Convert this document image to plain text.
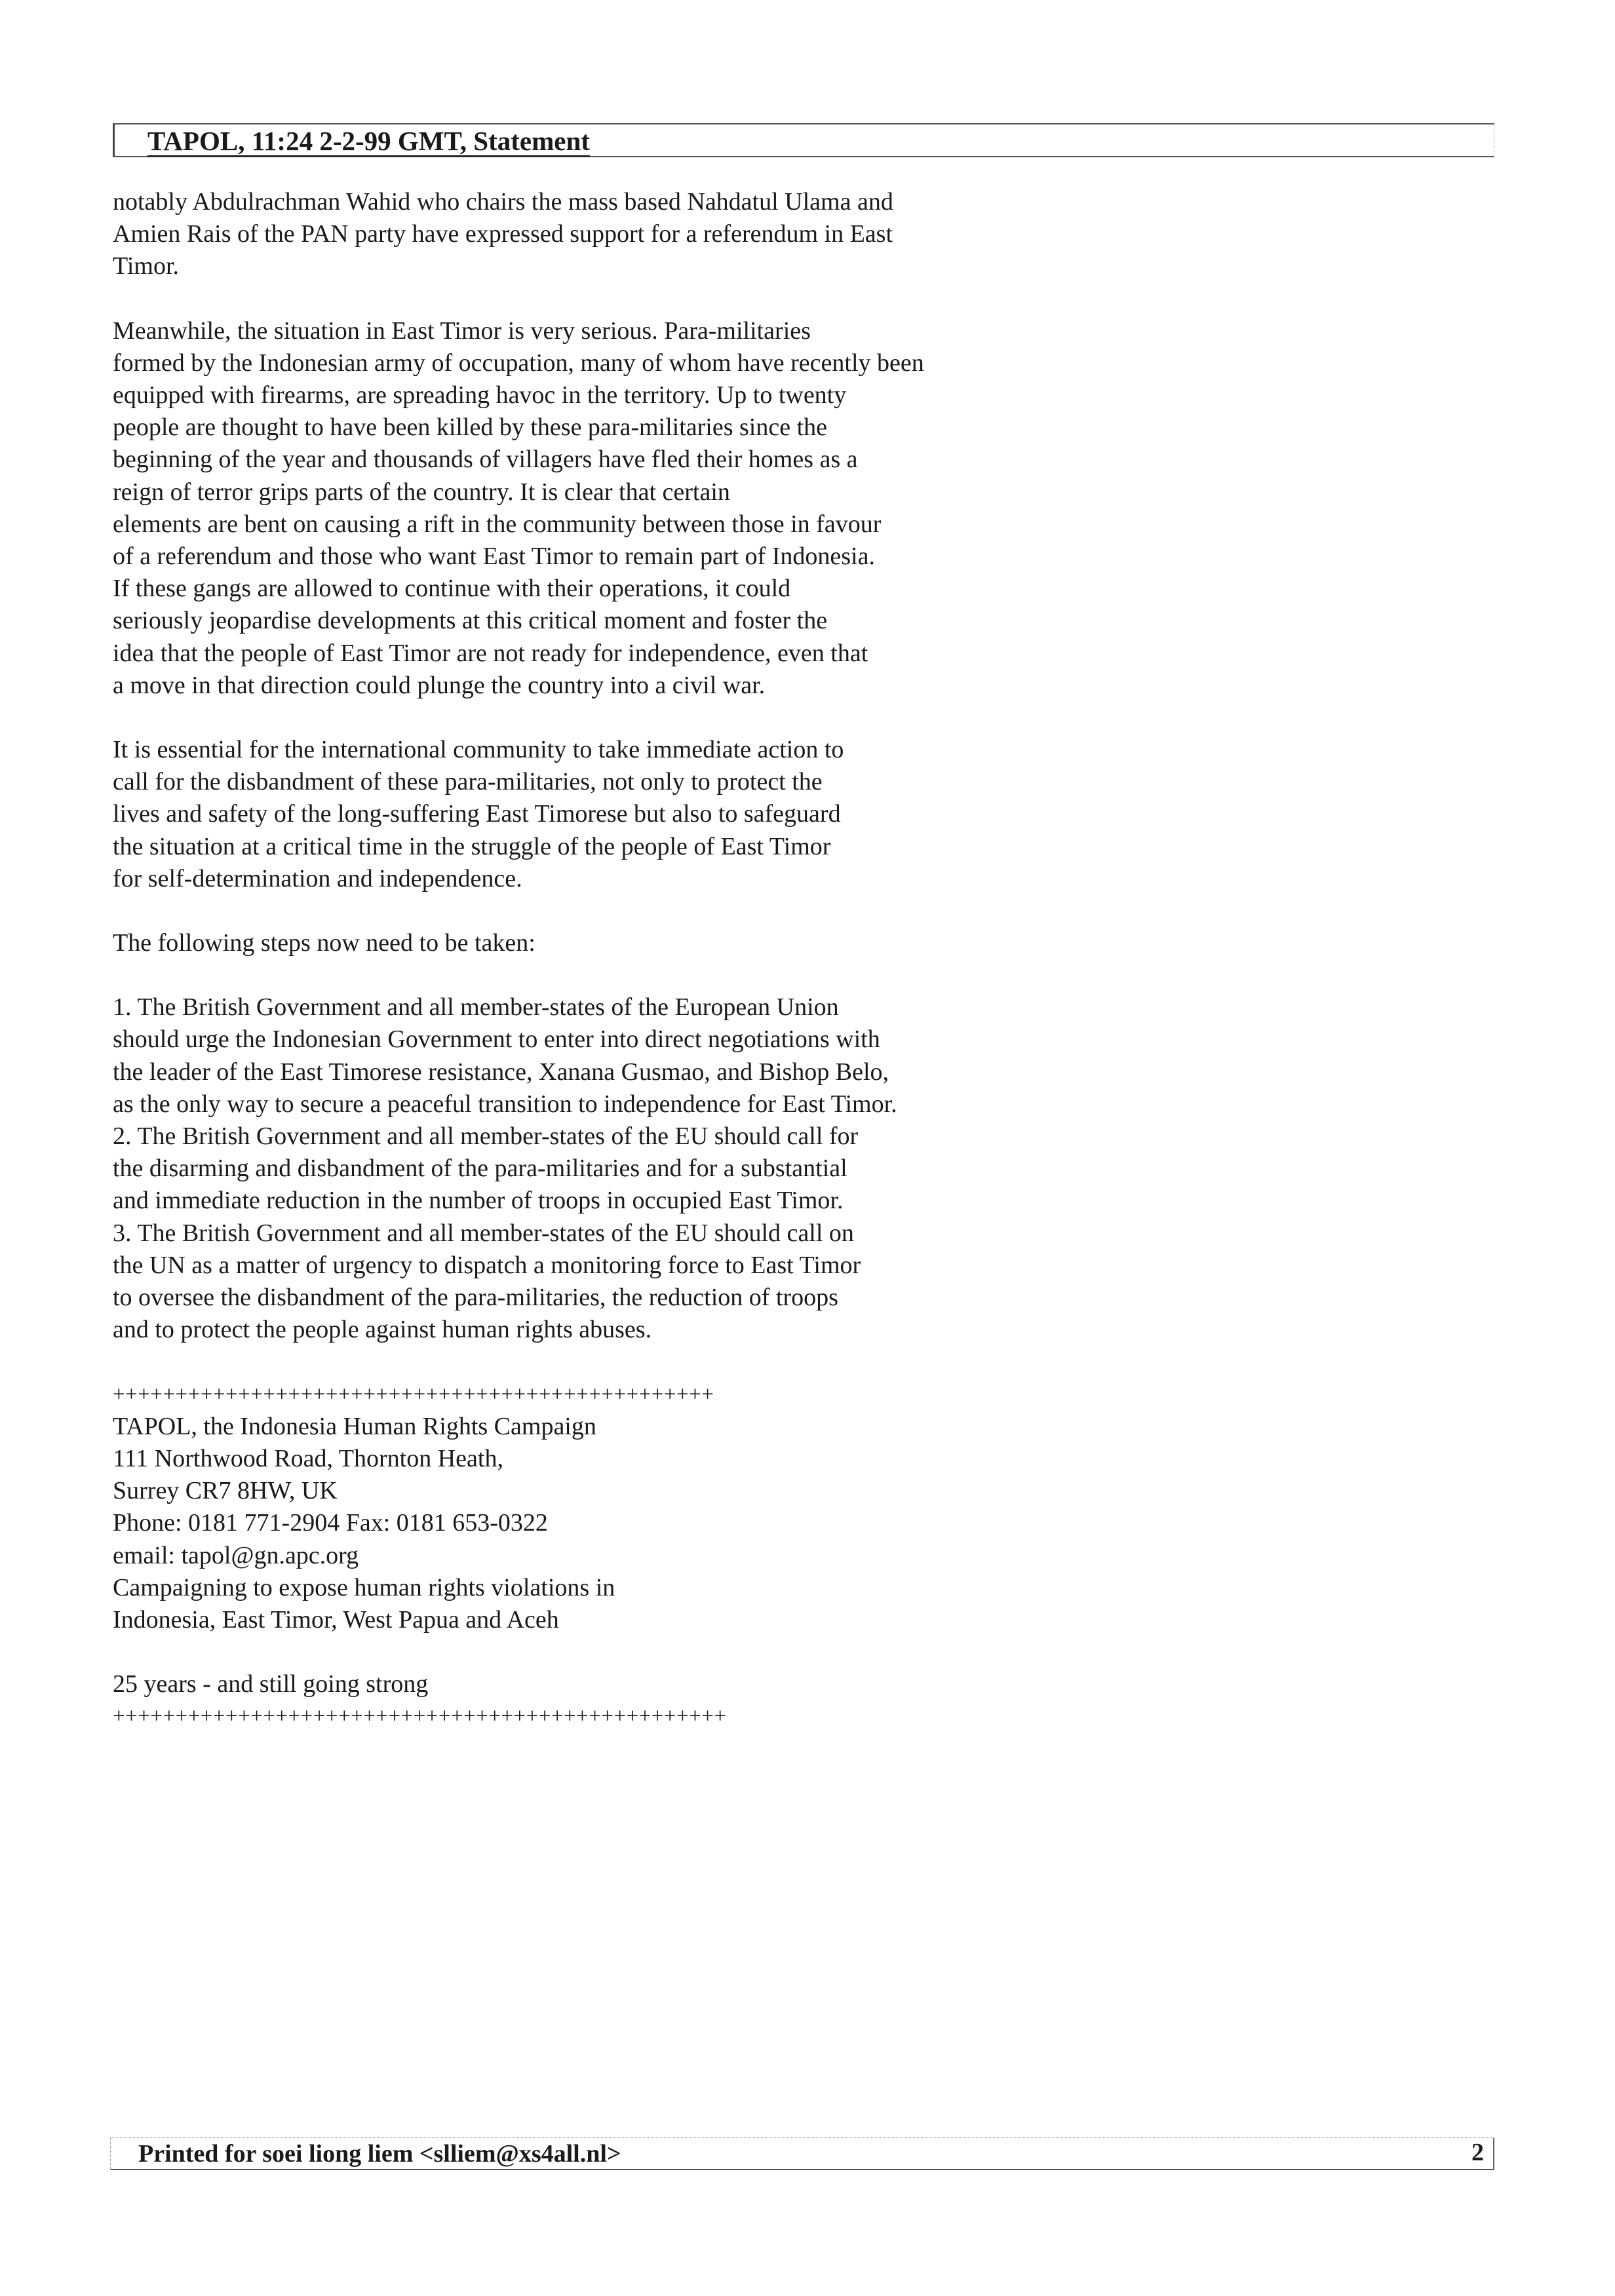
TAPOL, 11:24 2-2-99 GMT, Statement

notably Abdulrachman Wahid who chairs the mass based Nahdatul Ulama and
Amien Rais of the PAN party have expressed support for a referendum in East
Timor.

Meanwhile, the situation in East Timor is very serious. Para-militaries
formed by the Indonesian army of occupation, many of whom have recently been
equipped with firearms, are spreading havoc in the territory. Up to twenty
people are thought to have been killed by these para-militaries since the
beginning of the year and thousands of villagers have fled their homes as a
reign of terror grips parts of the country. It is clear that certain
elements are bent on causing a rift in the community between those in favour
of a referendum and those who want East Timor to remain part of Indonesia.
If these gangs are allowed to continue with their operations, it could
seriously jeopardise developments at this critical moment and foster the
idea that the people of East Timor are not ready for independence, even that
a move in that direction could plunge the country into a civil war.

It is essential for the international community to take immediate action to
call for the disbandment of these para-militaries, not only to protect the
lives and safety of the long-suffering East Timorese but also to safeguard
the situation at a critical time in the struggle of the people of East Timor
for self-determination and independence.

The following steps now need to be taken:

1. The British Government and all member-states of the European Union
should urge the Indonesian Government to enter into direct negotiations with
the leader of the East Timorese resistance, Xanana Gusmao, and Bishop Belo,
as the only way to secure a peaceful transition to independence for East Timor.
2. The British Government and all member-states of the EU should call for
the disarming and disbandment of the para-militaries and for a substantial
and immediate reduction in the number of troops in occupied East Timor.
3. The British Government and all member-states of the EU should call on
the UN as a matter of urgency to dispatch a monitoring force to East Timor
to oversee the disbandment of the para-militaries, the reduction of troops
and to protect the people against human rights abuses.

++++++++++++++++++++++++++++++++++++++++++++++++
TAPOL, the Indonesia Human Rights Campaign
111 Northwood Road, Thornton Heath,
Surrey CR7 8HW, UK
Phone: 0181 771-2904 Fax: 0181 653-0322
email: tapol@gn.apc.org
Campaigning to expose human rights violations in
Indonesia, East Timor, West Papua and Aceh
25 years - and still going strong
+++++++++++++++++++++++++++++++++++++++++++++++++
Printed for soei liong liem <slliem@xs4all.nl>	2
